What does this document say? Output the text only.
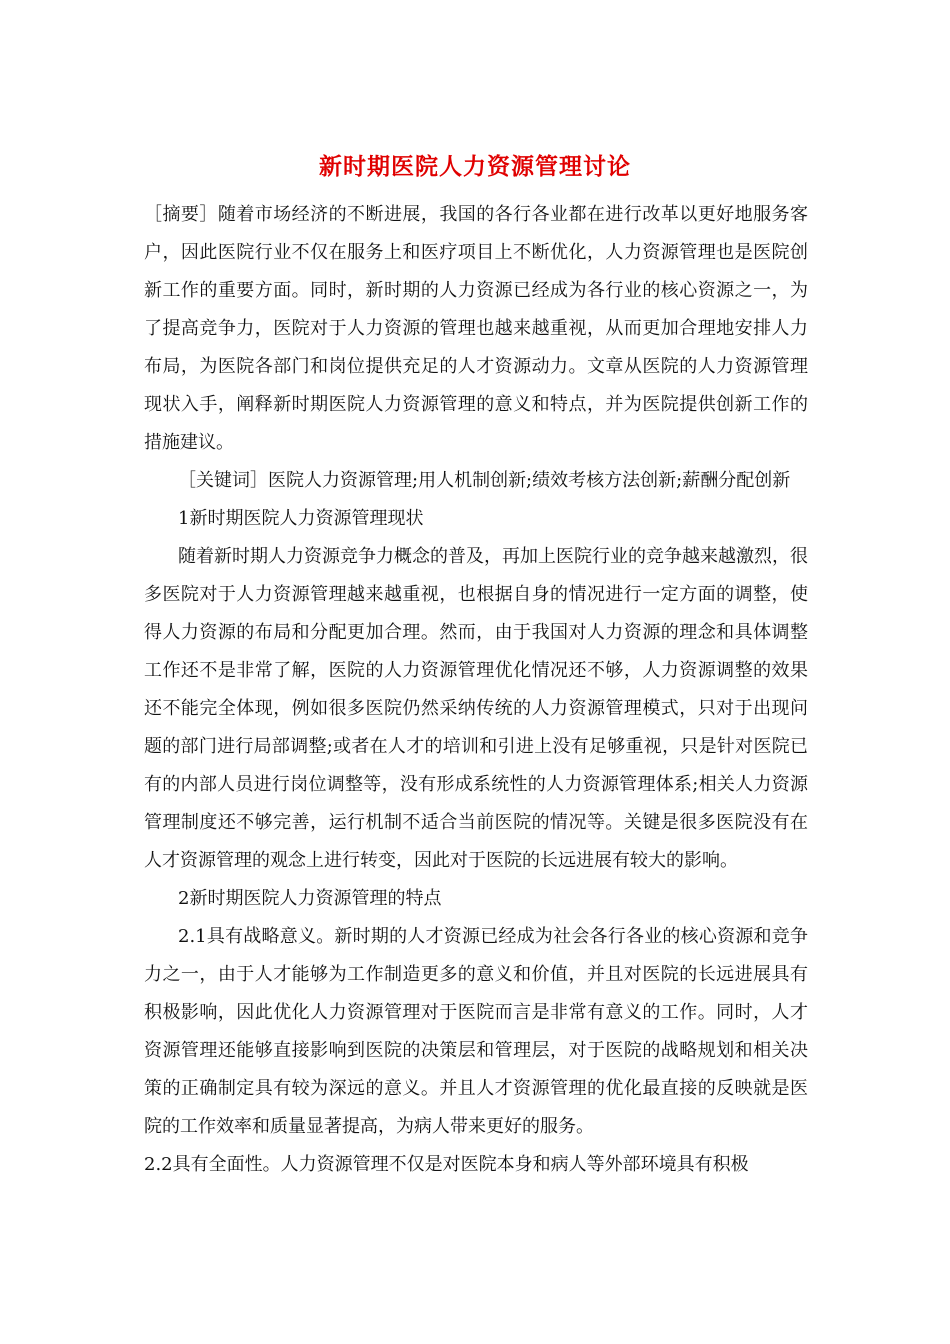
新时期医院人力资源管理讨论

［摘要］随着市场经济的不断进展，我国的各行各业都在进行改革以更好地服务客户，因此医院行业不仅在服务上和医疗项目上不断优化，人力资源管理也是医院创新工作的重要方面。同时，新时期的人力资源已经成为各行业的核心资源之一，为了提高竞争力，医院对于人力资源的管理也越来越重视，从而更加合理地安排人力布局，为医院各部门和岗位提供充足的人才资源动力。文章从医院的人力资源管理现状入手，阐释新时期医院人力资源管理的意义和特点，并为医院提供创新工作的措施建议。

［关键词］医院人力资源管理;用人机制创新;绩效考核方法创新;薪酬分配创新

1新时期医院人力资源管理现状

随着新时期人力资源竞争力概念的普及，再加上医院行业的竞争越来越激烈，很多医院对于人力资源管理越来越重视，也根据自身的情况进行一定方面的调整，使得人力资源的布局和分配更加合理。然而，由于我国对人力资源的理念和具体调整工作还不是非常了解，医院的人力资源管理优化情况还不够，人力资源调整的效果还不能完全体现，例如很多医院仍然采纳传统的人力资源管理模式，只对于出现问题的部门进行局部调整;或者在人才的培训和引进上没有足够重视，只是针对医院已有的内部人员进行岗位调整等，没有形成系统性的人力资源管理体系;相关人力资源管理制度还不够完善，运行机制不适合当前医院的情况等。关键是很多医院没有在人才资源管理的观念上进行转变，因此对于医院的长远进展有较大的影响。

2新时期医院人力资源管理的特点

2.1具有战略意义。新时期的人才资源已经成为社会各行各业的核心资源和竞争力之一，由于人才能够为工作制造更多的意义和价值，并且对医院的长远进展具有积极影响，因此优化人力资源管理对于医院而言是非常有意义的工作。同时，人才资源管理还能够直接影响到医院的决策层和管理层，对于医院的战略规划和相关决策的正确制定具有较为深远的意义。并且人才资源管理的优化最直接的反映就是医院的工作效率和质量显著提高，为病人带来更好的服务。

2.2具有全面性。人力资源管理不仅是对医院本身和病人等外部环境具有积极
